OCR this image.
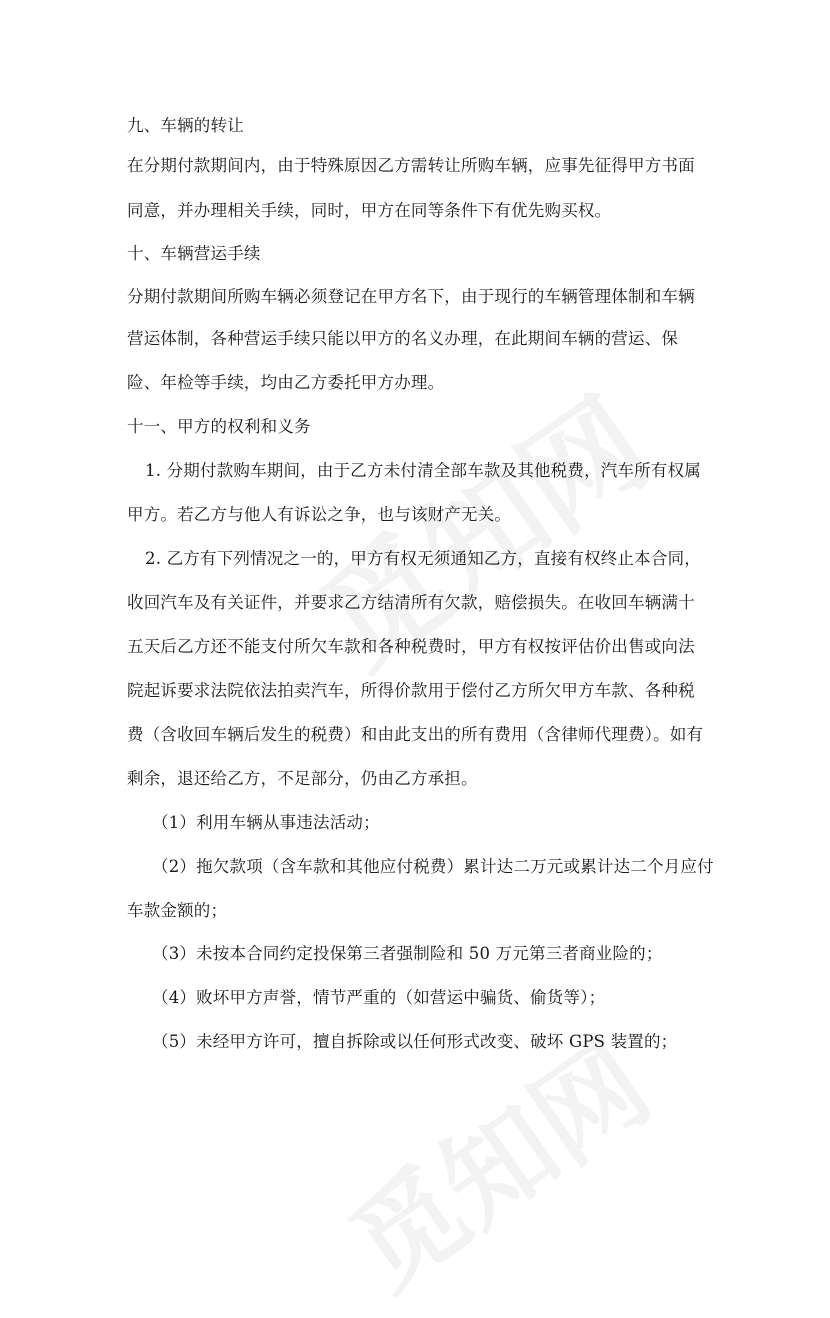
九、车辆的转让
在分期付款期间内，由于特殊原因乙方需转让所购车辆，应事先征得甲方书面
同意，并办理相关手续，同时，甲方在同等条件下有优先购买权。
十、车辆营运手续
分期付款期间所购车辆必须登记在甲方名下，由于现行的车辆管理体制和车辆
营运体制，各种营运手续只能以甲方的名义办理，在此期间车辆的营运、保
险、年检等手续，均由乙方委托甲方办理。
十一、甲方的权利和义务
1. 分期付款购车期间，由于乙方未付清全部车款及其他税费，汽车所有权属
甲方。若乙方与他人有诉讼之争，也与该财产无关。
2. 乙方有下列情况之一的，甲方有权无须通知乙方，直接有权终止本合同，
收回汽车及有关证件，并要求乙方结清所有欠款，赔偿损失。在收回车辆满十
五天后乙方还不能支付所欠车款和各种税费时，甲方有权按评估价出售或向法
院起诉要求法院依法拍卖汽车，所得价款用于偿付乙方所欠甲方车款、各种税
费（含收回车辆后发生的税费）和由此支出的所有费用（含律师代理费）。如有
剩余，退还给乙方，不足部分，仍由乙方承担。
（1）利用车辆从事违法活动；
（2）拖欠款项（含车款和其他应付税费）累计达二万元或累计达二个月应付
车款金额的；
（3）未按本合同约定投保第三者强制险和 50 万元第三者商业险的；
（4）败坏甲方声誉，情节严重的（如营运中骗货、偷货等）；
（5）未经甲方许可，擅自拆除或以任何形式改变、破坏 GPS 装置的；
